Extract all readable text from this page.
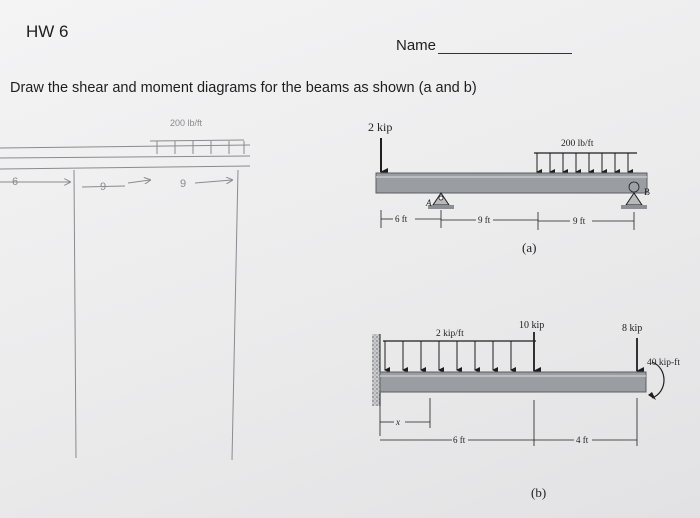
HW 6
Name
Draw the shear and moment diagrams for the beams as shown (a and b)
200 lb/ft
6	9	9
2 kip
200 lb/ft
A
B
6 ft	9 ft	9 ft
(a)
2 kip/ft
10 kip	8 kip
40 kip-ft
x
6 ft	4 ft
(b)
